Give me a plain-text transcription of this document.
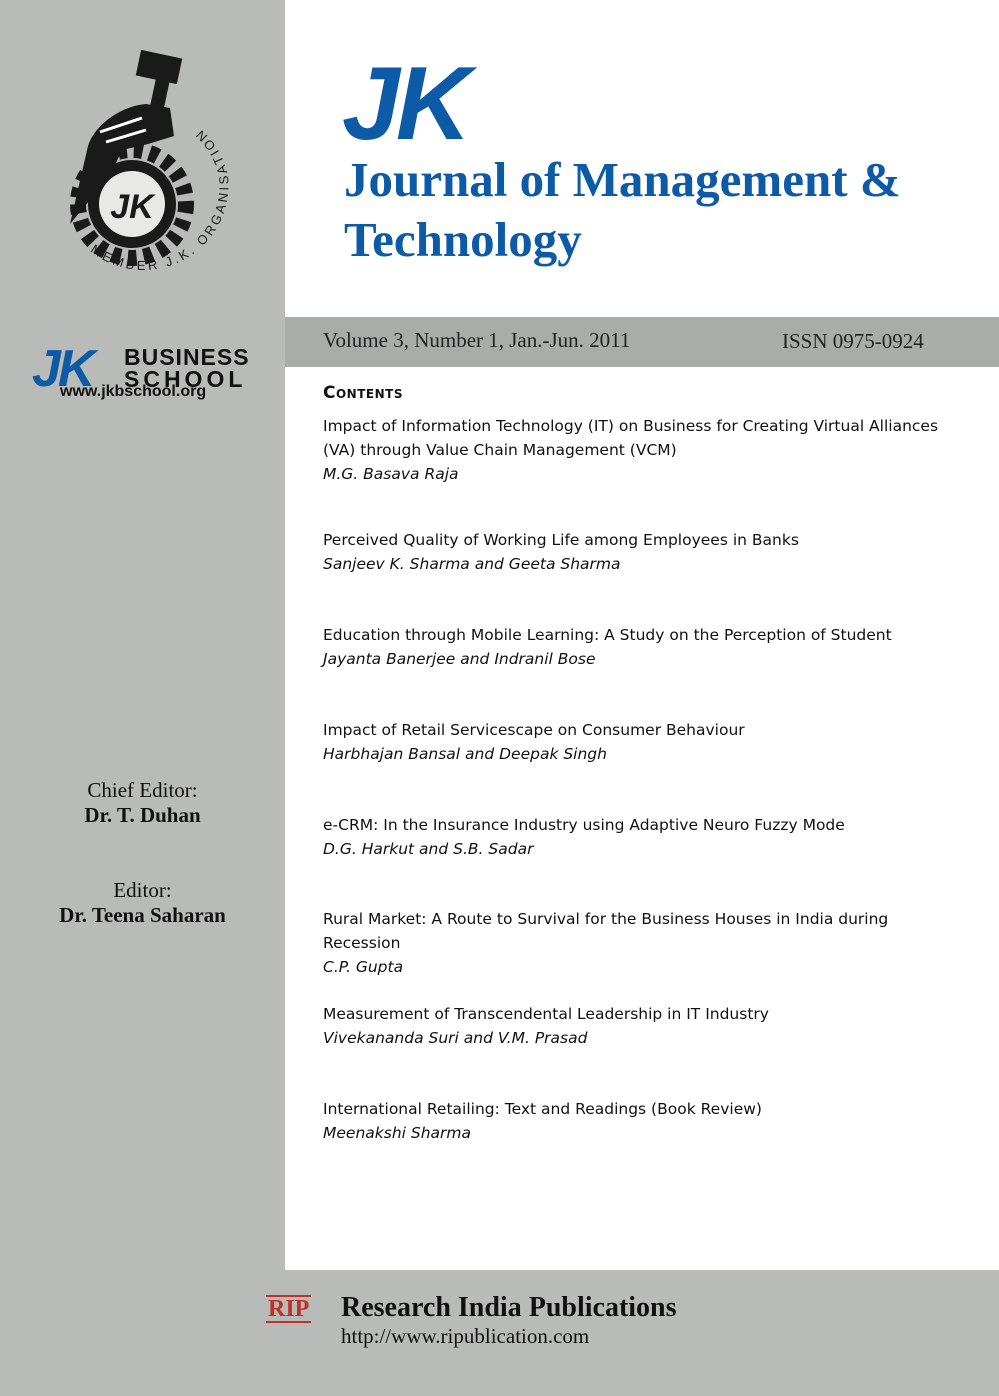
JK
MEMBER J.K. ORGANISATION
JK BUSINESS
SCHOOL
www.jkbschool.org
Chief Editor:
Dr. T. Duhan
Editor:
Dr. Teena Saharan
JK
Journal of Management & Technology
Volume 3, Number 1, Jan.-Jun. 2011	ISSN 0975-0924
Contents
Impact of Information Technology (IT) on Business for Creating Virtual Alliances (VA) through Value Chain Management (VCM)
M.G. Basava Raja
Perceived Quality of Working Life among Employees in Banks
Sanjeev K. Sharma and Geeta Sharma
Education through Mobile Learning: A Study on the Perception of Student
Jayanta Banerjee and Indranil Bose
Impact of Retail Servicescape on Consumer Behaviour
Harbhajan Bansal and Deepak Singh
e-CRM: In the Insurance Industry using Adaptive Neuro Fuzzy Mode
D.G. Harkut and S.B. Sadar
Rural Market: A Route to Survival for the Business Houses in India during Recession
C.P. Gupta
Measurement of Transcendental Leadership in IT Industry
Vivekananda Suri and V.M. Prasad
International Retailing: Text and Readings (Book Review)
Meenakshi Sharma
RIP Research India Publications
http://www.ripublication.com
